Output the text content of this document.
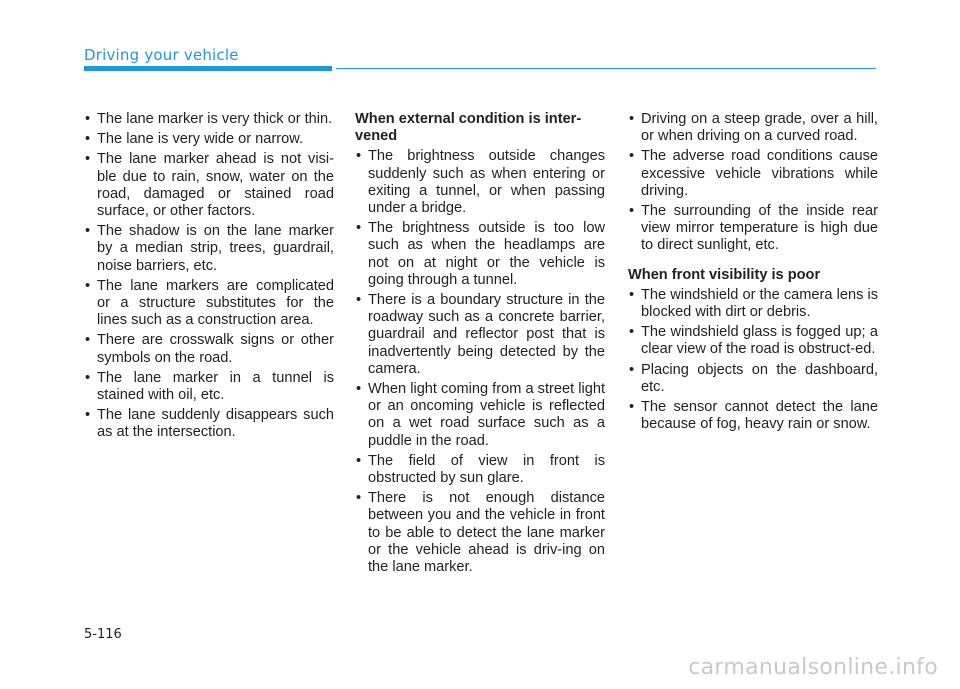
Driving your vehicle
• The lane marker is very thick or thin.
• The lane is very wide or narrow.
• The lane marker ahead is not visi-ble due to rain, snow, water on the road, damaged or stained road surface, or other factors.
• The shadow is on the lane marker by a median strip, trees, guardrail, noise barriers, etc.
• The lane markers are complicated or a structure substitutes for the lines such as a construction area.
• There are crosswalk signs or other symbols on the road.
• The lane marker in a tunnel is stained with oil, etc.
• The lane suddenly disappears such as at the intersection.
When external condition is inter-vened
• The brightness outside changes suddenly such as when entering or exiting a tunnel, or when passing under a bridge.
• The brightness outside is too low such as when the headlamps are not on at night or the vehicle is going through a tunnel.
• There is a boundary structure in the roadway such as a concrete barrier, guardrail and reflector post that is inadvertently being detected by the camera.
• When light coming from a street light or an oncoming vehicle is reflected on a wet road surface such as a puddle in the road.
• The field of view in front is obstructed by sun glare.
• There is not enough distance between you and the vehicle in front to be able to detect the lane marker or the vehicle ahead is driv-ing on the lane marker.
• Driving on a steep grade, over a hill, or when driving on a curved road.
• The adverse road conditions cause excessive vehicle vibrations while driving.
• The surrounding of the inside rear view mirror temperature is high due to direct sunlight, etc.
When front visibility is poor
• The windshield or the camera lens is blocked with dirt or debris.
• The windshield glass is fogged up; a clear view of the road is obstruct-ed.
• Placing objects on the dashboard, etc.
• The sensor cannot detect the lane because of fog, heavy rain or snow.
5-116
carmanualsonline.info
